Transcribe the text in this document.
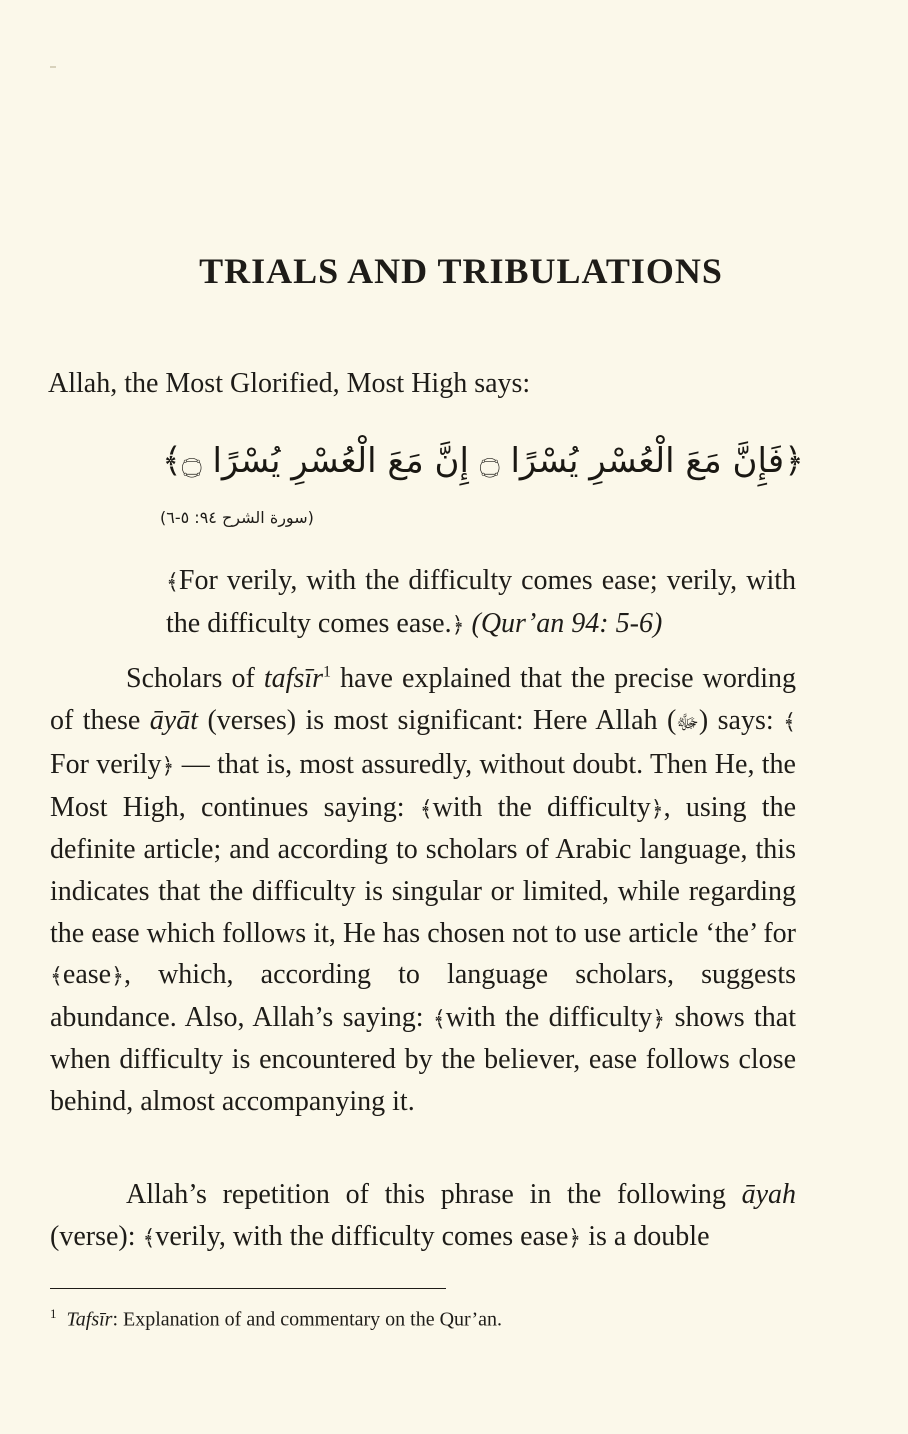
TRIALS AND TRIBULATIONS
Allah, the Most Glorified, Most High says:
﴿فَإِنَّ مَعَ الْعُسْرِ يُسْرًا ۝ إِنَّ مَعَ الْعُسْرِ يُسْرًا ۝﴾
(سورة الشرح ٩٤: ٥-٦)
﴾For verily, with the difficulty comes ease; verily, with the difficulty comes ease.﴿ (Qur’an 94: 5-6)
Scholars of tafsīr$^1$ have explained that the precise wording of these āyāt (verses) is most significant: Here Allah (ﷻ) says: ﴾For verily﴿ — that is, most assuredly, without doubt. Then He, the Most High, continues saying: ﴾with the difficulty﴿, using the definite article; and according to scholars of Arabic language, this indicates that the difficulty is singular or limited, while regarding the ease which follows it, He has chosen not to use article ‘the’ for ﴾ease﴿, which, according to language scholars, suggests abundance. Also, Allah’s saying: ﴾with the difficulty﴿ shows that when difficulty is encountered by the believer, ease follows close behind, almost accompanying it.
Allah’s repetition of this phrase in the following āyah (verse): ﴾verily, with the difficulty comes ease﴿ is a double
$^1$ Tafsīr: Explanation of and commentary on the Qur’an.
